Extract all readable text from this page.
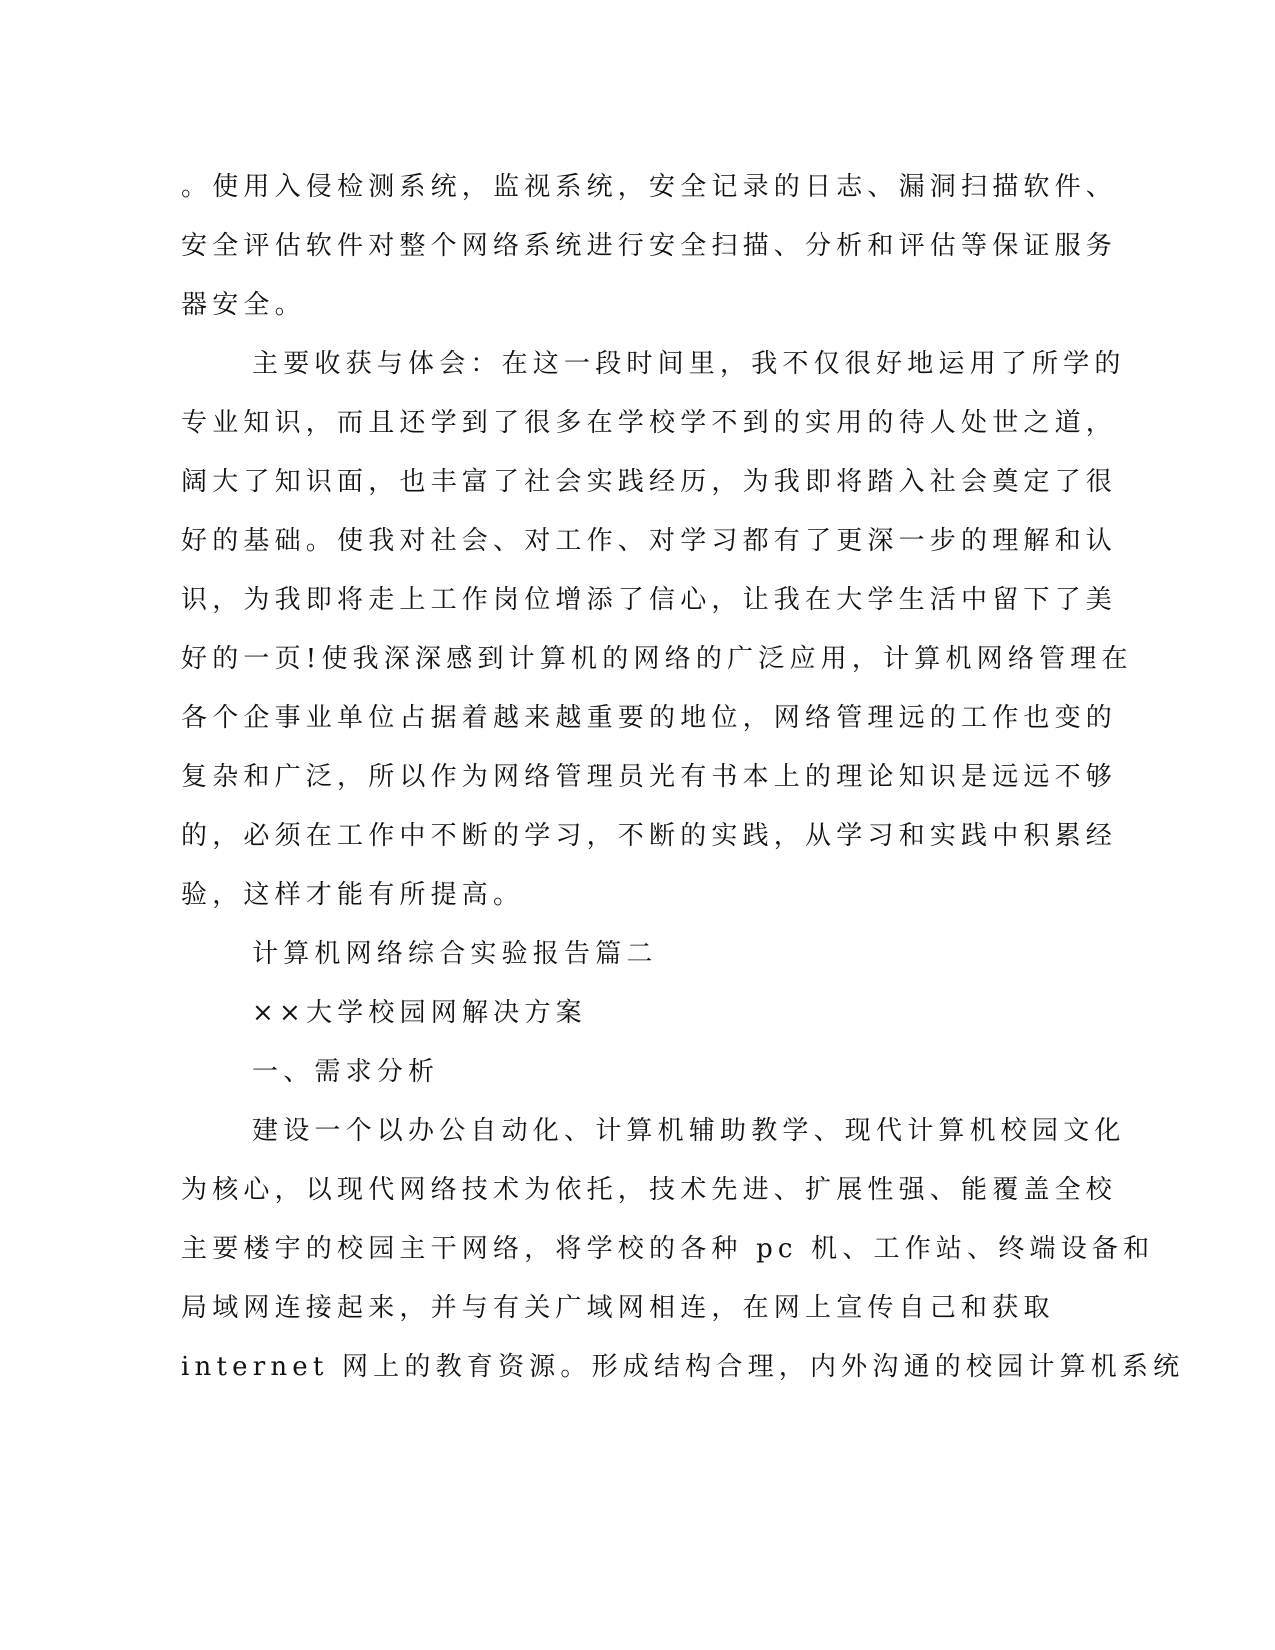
。使用入侵检测系统，监视系统，安全记录的日志、漏洞扫描软件、
安全评估软件对整个网络系统进行安全扫描、分析和评估等保证服务
器安全。
主要收获与体会：在这一段时间里，我不仅很好地运用了所学的
专业知识，而且还学到了很多在学校学不到的实用的待人处世之道，
阔大了知识面，也丰富了社会实践经历，为我即将踏入社会奠定了很
好的基础。使我对社会、对工作、对学习都有了更深一步的理解和认
识，为我即将走上工作岗位增添了信心，让我在大学生活中留下了美
好的一页!使我深深感到计算机的网络的广泛应用，计算机网络管理在
各个企事业单位占据着越来越重要的地位，网络管理远的工作也变的
复杂和广泛，所以作为网络管理员光有书本上的理论知识是远远不够
的，必须在工作中不断的学习，不断的实践，从学习和实践中积累经
验，这样才能有所提高。
计算机网络综合实验报告篇二
××大学校园网解决方案
一、需求分析
建设一个以办公自动化、计算机辅助教学、现代计算机校园文化
为核心，以现代网络技术为依托，技术先进、扩展性强、能覆盖全校
主要楼宇的校园主干网络，将学校的各种 pc 机、工作站、终端设备和
局域网连接起来，并与有关广域网相连，在网上宣传自己和获取
internet 网上的教育资源。形成结构合理，内外沟通的校园计算机系统
